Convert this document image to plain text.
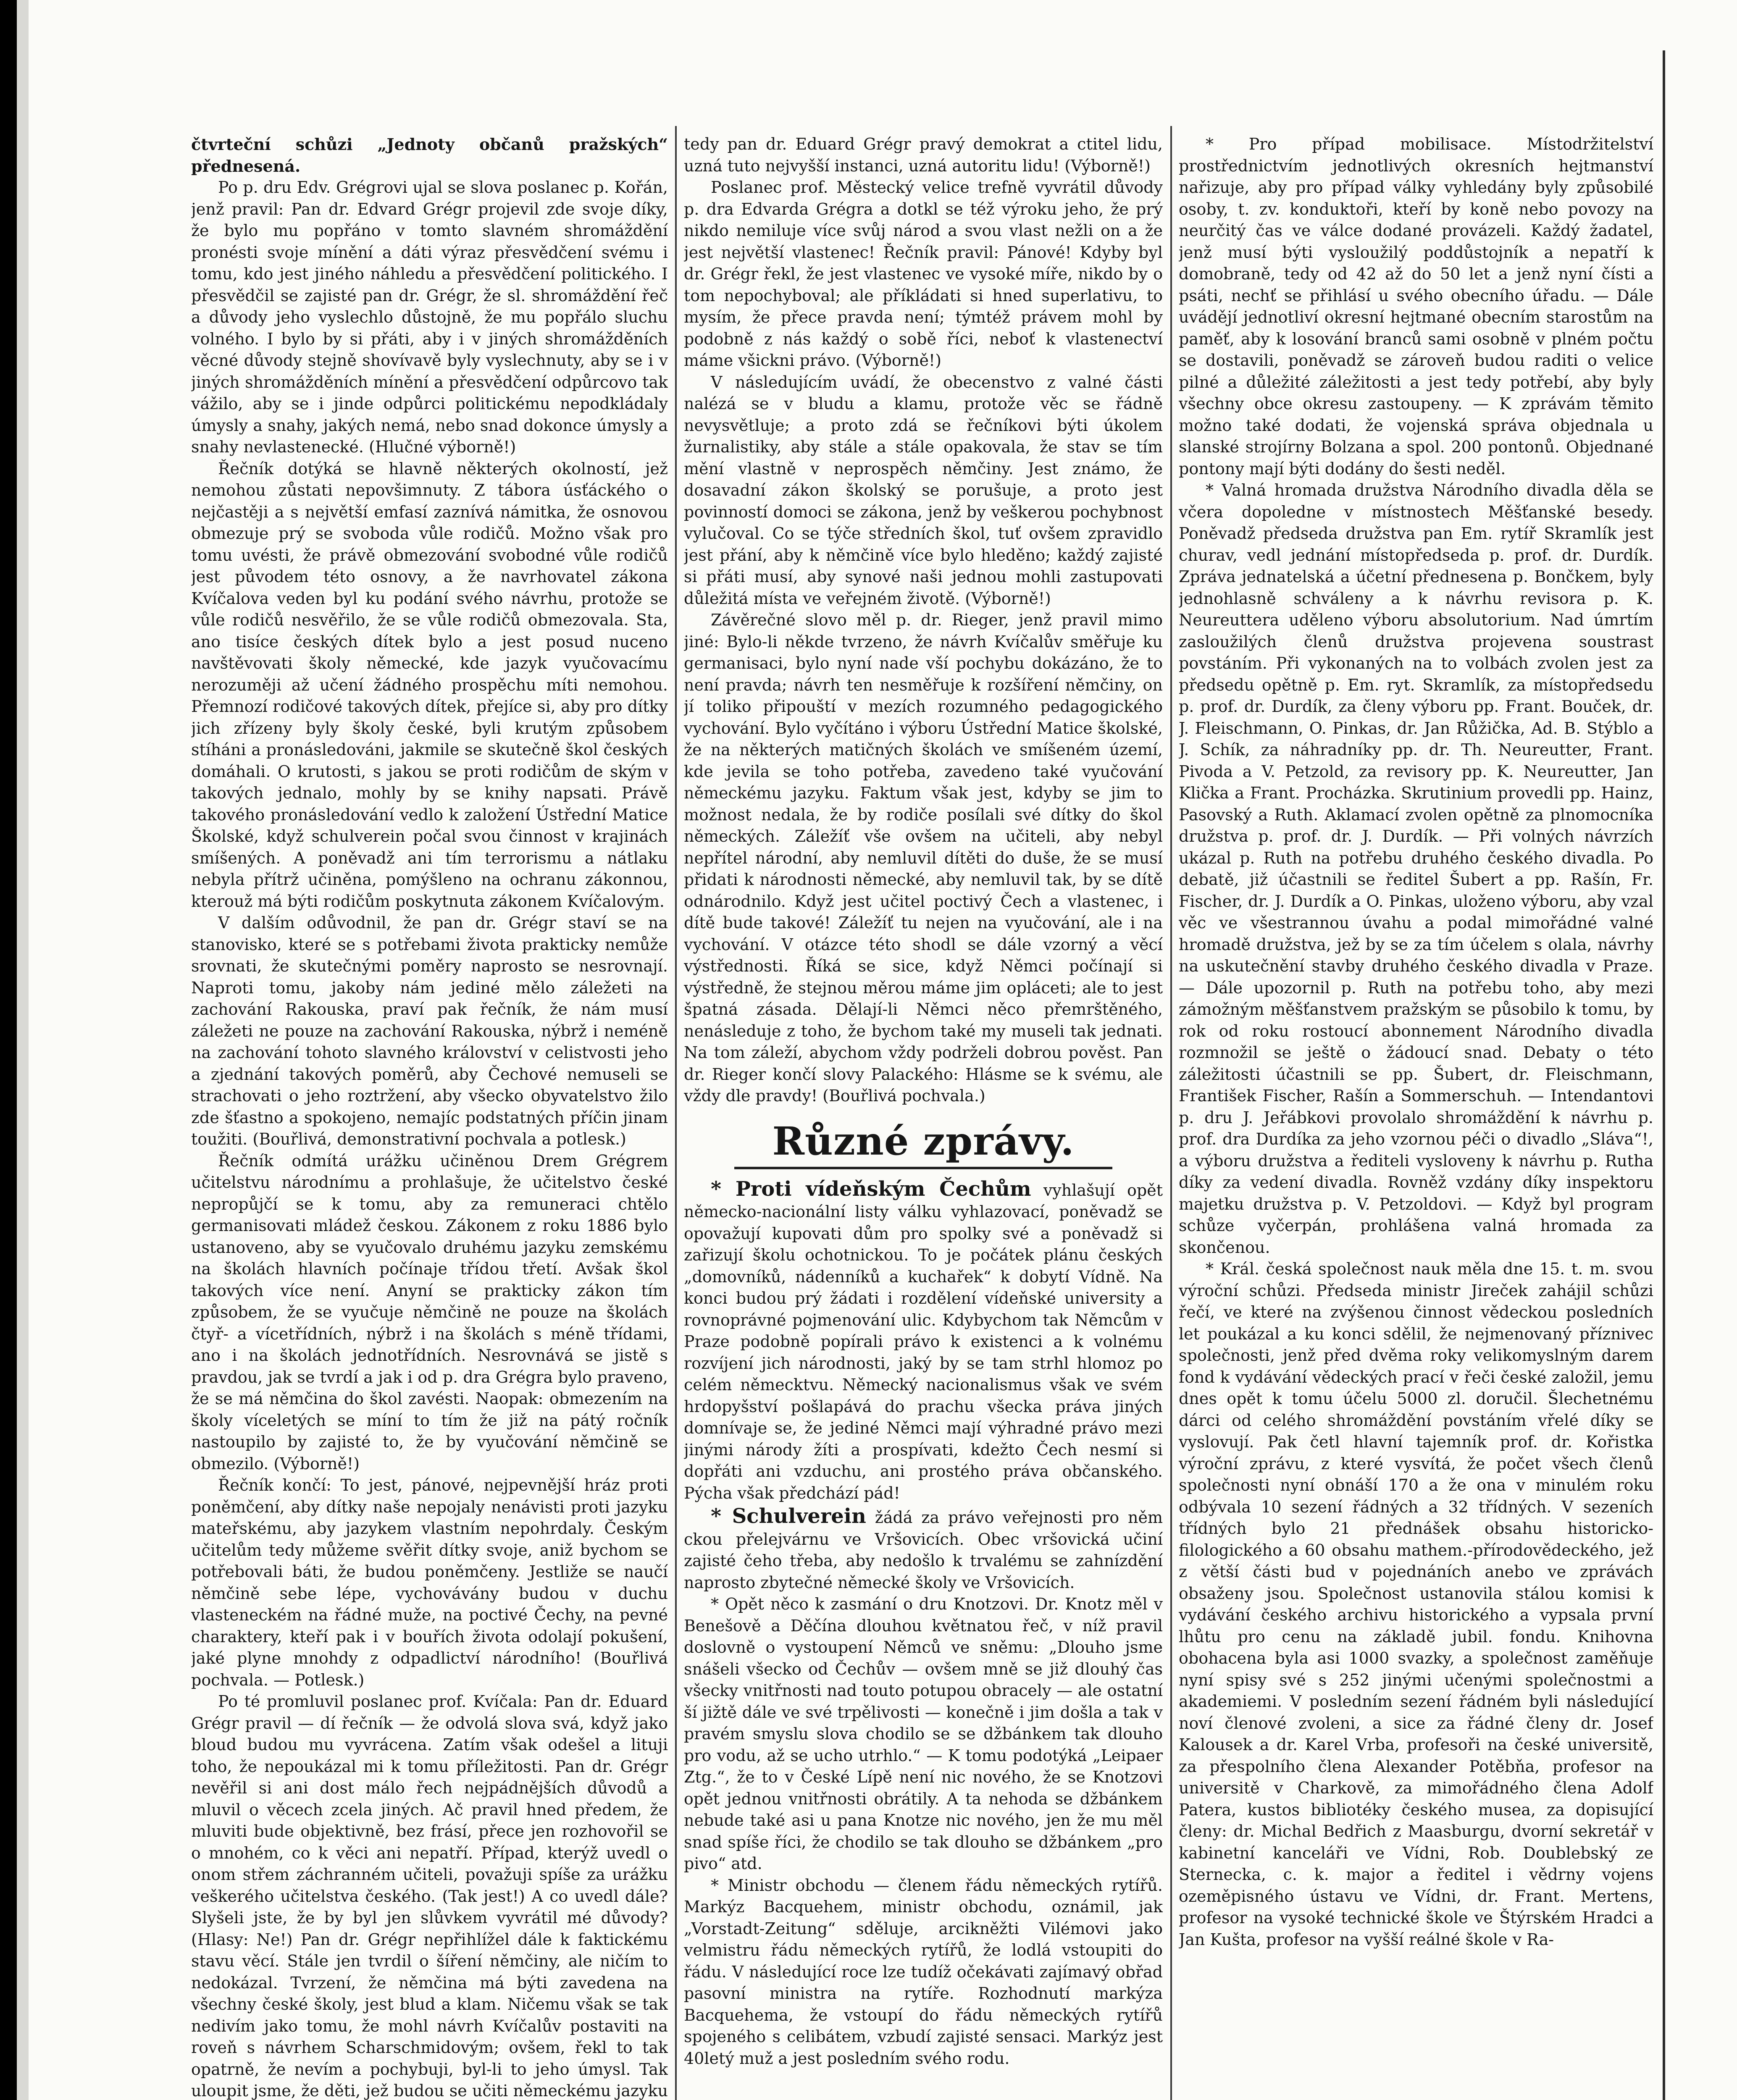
čtvrteční schůzi „Jednoty občanů pražských“ přednesená.

Po p. dru Edv. Grégrovi ujal se slova poslanec p. Kořán, jenž pravil: Pan dr. Edvard Grégr projevil zde svoje díky, že bylo mu popřáno v tomto slavném shromáždění pronésti svoje mínění a dáti výraz přesvědčení svému i tomu, kdo jest jiného náhledu a přesvědčení politického. I přesvědčil se zajisté pan dr. Grégr, že sl. shromáždění řeč a důvody jeho vyslechlo důstojně, že mu popřálo sluchu volného. I bylo by si přáti, aby i v jiných shromážděních věcné důvody stejně shovívavě byly vyslechnuty, aby se i v jiných shromážděních mínění a přesvědčení odpůrcovo tak vážilo, aby se i jinde odpůrci politickému nepodkládaly úmysly a snahy, jakých nemá, nebo snad dokonce úmysly a snahy nevlastenecké. (Hlučné výborně!)

Řečník dotýká se hlavně některých okolností, jež nemohou zůstati nepovšimnuty. Z tábora úsťáckého o nejčastěji a s největší emfasí zaznívá námitka, že osnovou obmezuje prý se svoboda vůle rodičů. Možno však pro tomu uvésti, že právě obmezování svobodné vůle rodičů jest původem této osnovy, a že navrhovatel zákona Kvíčalova veden byl ku podání svého návrhu, protože se vůle rodičů nesvěřilo, že se vůle rodičů obmezovala. Sta, ano tisíce českých dítek bylo a jest posud nuceno navštěvovati školy německé, kde jazyk vyučovacímu nerozuměji až učení žádného prospěchu míti nemohou. Přemnozí rodičové takových dítek, přejíce si, aby pro dítky jich zřízeny byly školy české, byli krutým způsobem stíháni a pronásledováni, jakmile se skutečně škol českých domáhali. O krutosti, s jakou se proti rodičům de ským v takových jednalo, mohly by se knihy napsati. Právě takového pronásledování vedlo k založení Ústřední Matice Školské, když schulverein počal svou činnost v krajinách smíšených. A poněvadž ani tím terrorismu a nátlaku nebyla přítrž učiněna, pomýšleno na ochranu zákonnou, kterouž má býti rodičům poskytnuta zákonem Kvíčalovým.

V dalším odůvodnil, že pan dr. Grégr staví se na stanovisko, které se s potřebami života prakticky nemůže srovnati, že skutečnými poměry naprosto se nesrovnají. Naproti tomu, jakoby nám jediné mělo záležeti na zachování Rakouska, praví pak řečník, že nám musí záležeti ne pouze na zachování Rakouska, nýbrž i neméně na zachování tohoto slavného království v celistvosti jeho a zjednání takových poměrů, aby Čechové nemuseli se strachovati o jeho roztržení, aby všecko obyvatelstvo žilo zde šťastno a spokojeno, nemajíc podstatných příčin jinam toužiti. (Bouřlivá, demonstrativní pochvala a potlesk.)

Řečník odmítá urážku učiněnou Drem Grégrem učitelstvu národnímu a prohlašuje, že učitelstvo české nepropůjčí se k tomu, aby za remuneraci chtělo germanisovati mládež českou. Zákonem z roku 1886 bylo ustanoveno, aby se vyučovalo druhému jazyku zemskému na školách hlavních počínaje třídou třetí. Avšak škol takových více není. Anyní se prakticky zákon tím způsobem, že se vyučuje němčině ne pouze na školách čtyř- a vícetřídních, nýbrž i na školách s méně třídami, ano i na školách jednotřídních. Nesrovnává se jistě s pravdou, jak se tvrdí a jak i od p. dra Grégra bylo praveno, že se má němčina do škol zavésti. Naopak: obmezením na školy víceletých se míní to tím že již na pátý ročník nastoupilo by zajisté to, že by vyučování němčině se obmezilo. (Výborně!)

Řečník končí: To jest, pánové, nejpevnější hráz proti poněmčení, aby dítky naše nepojaly nenávisti proti jazyku mateřskému, aby jazykem vlastním nepohrdaly. Českým učitelům tedy můžeme svěřit dítky svoje, aniž bychom se potřebovali báti, že budou poněmčeny. Jestliže se naučí němčině sebe lépe, vychovávány budou v duchu vlasteneckém na řádné muže, na poctivé Čechy, na pevné charaktery, kteří pak i v bouřích života odolají pokušení, jaké plyne mnohdy z odpadlictví národního! (Bouřlivá pochvala. — Potlesk.)

Po té promluvil poslanec prof. Kvíčala: Pan dr. Eduard Grégr pravil — dí řečník — že odvolá slova svá, když jako bloud budou mu vyvrácena. Zatím však odešel a lituji toho, že nepoukázal mi k tomu příležitosti. Pan dr. Grégr nevěřil si ani dost málo řech nejpádnějších důvodů a mluvil o věcech zcela jiných. Ač pravil hned předem, že mluviti bude objektivně, bez frásí, přece jen rozhovořil se o mnohém, co k věci ani nepatří. Případ, kterýž uvedl o onom střem záchranném učiteli, považuji spíše za urážku veškerého učitelstva českého. (Tak jest!) A co uvedl dále? Slyšeli jste, že by byl jen slůvkem vyvrátil mé důvody? (Hlasy: Ne!) Pan dr. Grégr nepřihlížel dále k faktickému stavu věcí. Stále jen tvrdil o šíření němčiny, ale ničím to nedokázal. Tvrzení, že němčina má býti zavedena na všechny české školy, jest blud a klam. Ničemu však se tak nedivím jako tomu, že mohl návrh Kvíčalův postaviti na roveň s návrhem Scharschmidovým; ovšem, řekl to tak opatrně, že nevím a pochybuji, byl-li to jeho úmysl. Tak uloupit jsme, že děti, jež budou se učiti německému jazyku

tedy pan dr. Eduard Grégr pravý demokrat a ctitel lidu, uzná tuto nejvyšší instanci, uzná autoritu lidu! (Výborně!)

Poslanec prof. Městecký velice trefně vyvrátil důvody p. dra Edvarda Grégra a dotkl se též výroku jeho, že prý nikdo nemiluje více svůj národ a svou vlast nežli on a že jest největší vlastenec! Řečník pravil: Pánové! Kdyby byl dr. Grégr řekl, že jest vlastenec ve vysoké míře, nikdo by o tom nepochyboval; ale příkládati si hned superlativu, to mysím, že přece pravda není; týmtéž právem mohl by podobně z nás každý o sobě říci, neboť k vlastenectví máme všickni právo. (Výborně!)

V následujícím uvádí, že obecenstvo z valné části nalézá se v bludu a klamu, protože věc se řádně nevysvětluje; a proto zdá se řečníkovi býti úkolem žurnalistiky, aby stále a stále opakovala, že stav se tím mění vlastně v neprospěch němčiny. Jest známo, že dosavadní zákon školský se porušuje, a proto jest povinností domoci se zákona, jenž by veškerou pochybnost vylučoval. Co se týče středních škol, tuť ovšem zpravidlo jest přání, aby k němčině více bylo hleděno; každý zajisté si přáti musí, aby synové naši jednou mohli zastupovati důležitá místa ve veřejném životě. (Výborně!)

Závěrečné slovo měl p. dr. Rieger, jenž pravil mimo jiné: Bylo-li někde tvrzeno, že návrh Kvíčalův směřuje ku germanisaci, bylo nyní nade vší pochybu dokázáno, že to není pravda; návrh ten nesměřuje k rozšíření němčiny, on jí toliko připouští v mezích rozumného pedagogického vychování. Bylo vyčítáno i výboru Ústřední Matice školské, že na některých matičných školách ve smíšeném území, kde jevila se toho potřeba, zavedeno také vyučování německému jazyku. Faktum však jest, kdyby se jim to možnost nedala, že by rodiče posílali své dítky do škol německých. Záležíť vše ovšem na učiteli, aby nebyl nepřítel národní, aby nemluvil dítěti do duše, že se musí přidati k národnosti německé, aby nemluvil tak, by se dítě odnárodnilo. Když jest učitel poctivý Čech a vlastenec, i dítě bude takové! Záležíť tu nejen na vyučování, ale i na vychování. V otázce této shodl se dále vzorný a věcí výstřednosti. Říká se sice, když Němci počínají si výstředně, že stejnou měrou máme jim opláceti; ale to jest špatná zásada. Dělají-li Němci něco přemrštěného, nenásleduje z toho, že bychom také my museli tak jednati. Na tom záleží, abychom vždy podrželi dobrou pověst. Pan dr. Rieger končí slovy Palackého: Hlásme se k svému, ale vždy dle pravdy! (Bouřlivá pochvala.)

Různé zprávy.

* Proti vídeňským Čechům vyhlašují opět německo-nacionální listy válku vyhlazovací, poněvadž se opovažují kupovati dům pro spolky své a poněvadž si zařizují školu ochotnickou. To je počátek plánu českých „domovníků, nádenníků a kuchařek“ k dobytí Vídně. Na konci budou prý žádati i rozdělení vídeňské university a rovnoprávné pojmenování ulic. Kdybychom tak Němcům v Praze podobně popírali právo k existenci a k volnému rozvíjení jich národnosti, jaký by se tam strhl hlomoz po celém německtvu. Německý nacionalismus však ve svém hrdopyšství pošlapává do prachu všecka práva jiných domnívaje se, že jediné Němci mají výhradné právo mezi jinými národy žíti a prospívati, kdežto Čech nesmí si dopřáti ani vzduchu, ani prostého práva občanského. Pýcha však předchází pád!

* Schulverein žádá za právo veřejnosti pro něm ckou přelejvárnu ve Vršovicích. Obec vršovická učiní zajisté čeho třeba, aby nedošlo k trvalému se zahnízdění naprosto zbytečné německé školy ve Vršovicích.

* Opět něco k zasmání o dru Knotzovi. Dr. Knotz měl v Benešově a Děčína dlouhou květnatou řeč, v níž pravil doslovně o vystoupení Němců ve sněmu: „Dlouho jsme snášeli všecko od Čechův — ovšem mně se již dlouhý čas všecky vnitřnosti nad touto potupou obracely — ale ostatní ší jižtě dále ve své trpělivosti — konečně i jim došla a tak v pravém smyslu slova chodilo se se džbánkem tak dlouho pro vodu, až se ucho utrhlo.“ — K tomu podotýká „Leipaer Ztg.“, že to v České Lípě není nic nového, že se Knotzovi opět jednou vnitřnosti obrátily. A ta nehoda se džbánkem nebude také asi u pana Knotze nic nového, jen že mu měl snad spíše říci, že chodilo se tak dlouho se džbánkem „pro pivo“ atd.

* Ministr obchodu — členem řádu německých rytířů. Markýz Bacquehem, ministr obchodu, oznámil, jak „Vorstadt-Zeitung“ sděluje, arcikněžti Vilémovi jako velmistru řádu německých rytířů, že lodlá vstoupiti do řádu. V následující roce lze tudíž očekávati zajímavý obřad pasovní ministra na rytíře. Rozhodnutí markýza Bacquehema, že vstoupí do řádu německých rytířů spojeného s celibátem, vzbudí zajisté sensaci. Markýz jest 40letý muž a jest posledním svého rodu.

* Pro případ mobilisace. Místodržitelství prostřednictvím jednotlivých okresních hejtmanství nařizuje, aby pro případ války vyhledány byly způsobilé osoby, t. zv. konduktoři, kteří by koně nebo povozy na neurčitý čas ve válce dodané provázeli. Každý žadatel, jenž musí býti vysloužilý poddůstojník a nepatří k domobraně, tedy od 42 až do 50 let a jenž nyní čísti a psáti, nechť se přihlásí u svého obecního úřadu. — Dále uvádějí jednotliví okresní hejtmané obecním starostům na paměť, aby k losování branců sami osobně v plném počtu se dostavili, poněvadž se zároveň budou raditi o velice pilné a důležité záležitosti a jest tedy potřebí, aby byly všechny obce okresu zastoupeny. — K zprávám těmito možno také dodati, že vojenská správa objednala u slanské strojírny Bolzana a spol. 200 pontonů. Objednané pontony mají býti dodány do šesti neděl.

* Valná hromada družstva Národního divadla děla se včera dopoledne v místnostech Měšťanské besedy. Poněvadž předseda družstva pan Em. rytíř Skramlík jest churav, vedl jednání místopředseda p. prof. dr. Durdík. Zpráva jednatelská a účetní přednesena p. Bončkem, byly jednohlasně schváleny a k návrhu revisora p. K. Neureuttera uděleno výboru absolutorium. Nad úmrtím zasloužilých členů družstva projevena soustrast povstáním. Při vykonaných na to volbách zvolen jest za předsedu opětně p. Em. ryt. Skramlík, za místopředsedu p. prof. dr. Durdík, za členy výboru pp. Frant. Bouček, dr. J. Fleischmann, O. Pinkas, dr. Jan Růžička, Ad. B. Stýblo a J. Schík, za náhradníky pp. dr. Th. Neureutter, Frant. Pivoda a V. Petzold, za revisory pp. K. Neureutter, Jan Klička a Frant. Procházka. Skrutinium provedli pp. Hainz, Pasovský a Ruth. Aklamací zvolen opětně za plnomocníka družstva p. prof. dr. J. Durdík. — Při volných návrzích ukázal p. Ruth na potřebu druhého českého divadla. Po debatě, již účastnili se ředitel Šubert a pp. Rašín, Fr. Fischer, dr. J. Durdík a O. Pinkas, uloženo výboru, aby vzal věc ve všestrannou úvahu a podal mimořádné valné hromadě družstva, jež by se za tím účelem s olala, návrhy na uskutečnění stavby druhého českého divadla v Praze. — Dále upozornil p. Ruth na potřebu toho, aby mezi zámožným měšťanstvem pražským se působilo k tomu, by rok od roku rostoucí abonnement Národního divadla rozmnožil se ještě o žádoucí snad. Debaty o této záležitosti účastnili se pp. Šubert, dr. Fleischmann, František Fischer, Rašín a Sommerschuh. — Intendantovi p. dru J. Jeřábkovi provolalo shromáždění k návrhu p. prof. dra Durdíka za jeho vzornou péči o divadlo „Sláva“!, a výboru družstva a řediteli vysloveny k návrhu p. Rutha díky za vedení divadla. Rovněž vzdány díky inspektoru majetku družstva p. V. Petzoldovi. — Když byl program schůze vyčerpán, prohlášena valná hromada za skončenou.

* Král. česká společnost nauk měla dne 15. t. m. svou výroční schůzi. Předseda ministr Jireček zahájil schůzi řečí, ve které na zvýšenou činnost vědeckou posledních let poukázal a ku konci sdělil, že nejmenovaný příznivec společnosti, jenž před dvěma roky velikomyslným darem fond k vydávání vědeckých prací v řeči české založil, jemu dnes opět k tomu účelu 5000 zl. doručil. Šlechetnému dárci od celého shromáždění povstáním vřelé díky se vyslovují. Pak četl hlavní tajemník prof. dr. Kořistka výroční zprávu, z které vysvítá, že počet všech členů společnosti nyní obnáší 170 a že ona v minulém roku odbývala 10 sezení řádných a 32 třídných. V sezeních třídných bylo 21 přednášek obsahu historicko-filologického a 60 obsahu mathem.-přírodovědeckého, jež z větší části bud v pojednáních anebo ve zprávách obsaženy jsou. Společnost ustanovila stálou komisi k vydávání českého archivu historického a vypsala první lhůtu pro cenu na základě jubil. fondu. Knihovna obohacena byla asi 1000 svazky, a společnost zaměňuje nyní spisy své s 252 jinými učenými společnostmi a akademiemi. V posledním sezení řádném byli následující noví členové zvoleni, a sice za řádné členy dr. Josef Kalousek a dr. Karel Vrba, profesoři na české universitě, za přespolního člena Alexander Potěbňa, profesor na universitě v Charkově, za mimořádného člena Adolf Patera, kustos bibliotéky českého musea, za dopisující členy: dr. Michal Bedřich z Maasburgu, dvorní sekretář v kabinetní kanceláři ve Vídni, Rob. Doublebský ze Sterneckа, c. k. major a ředitel i vědrny vojens ozeměpisného ústavu ve Vídni, dr. Frant. Mertens, profesor na vysoké technické škole ve Štýrském Hradci a Jan Kušta, profesor na vyšší reálné škole v Ra-
